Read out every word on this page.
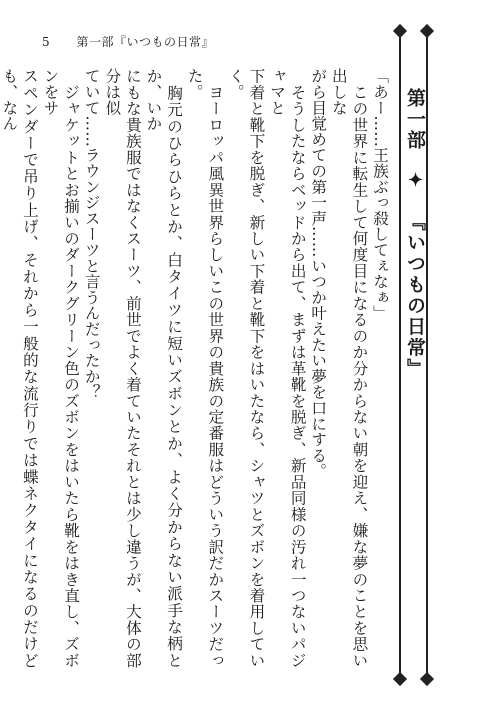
5 第一部『いつもの日常』

「あー……王族ぶっ殺してぇなぁ」

　この世界に転生して何度目になるのか分からない朝を迎え、嫌な夢のことを思い出しな

がら目覚めての第一声……いつか叶えたい夢を口にする。

　そうしたならベッドから出て、まずは革靴を脱ぎ、新品同様の汚れ一つないパジャマと

下着と靴下を脱ぎ、新しい下着と靴下をはいたなら、シャツとズボンを着用していく。

　ヨーロッパ風異世界らしいこの世界の貴族の定番服はどういう訳だかスーツだった。

　胸元のひらひらとか、白タイツに短いズボンとか、よく分からない派手な柄とか、いか

にもな貴族服ではなくスーツ、前世でよく着ていたそれとは少し違うが、大体の部分は似

ていて……ラウンジスーツと言うんだったか？

　ジャケットとお揃いのダークグリーン色のズボンをはいたら靴をはき直し、ズボンをサ

スペンダーで吊り上げ、それから一般的な流行りでは蝶ネクタイになるのだけども、なん	第一部 ✦ 『いつもの日常』
